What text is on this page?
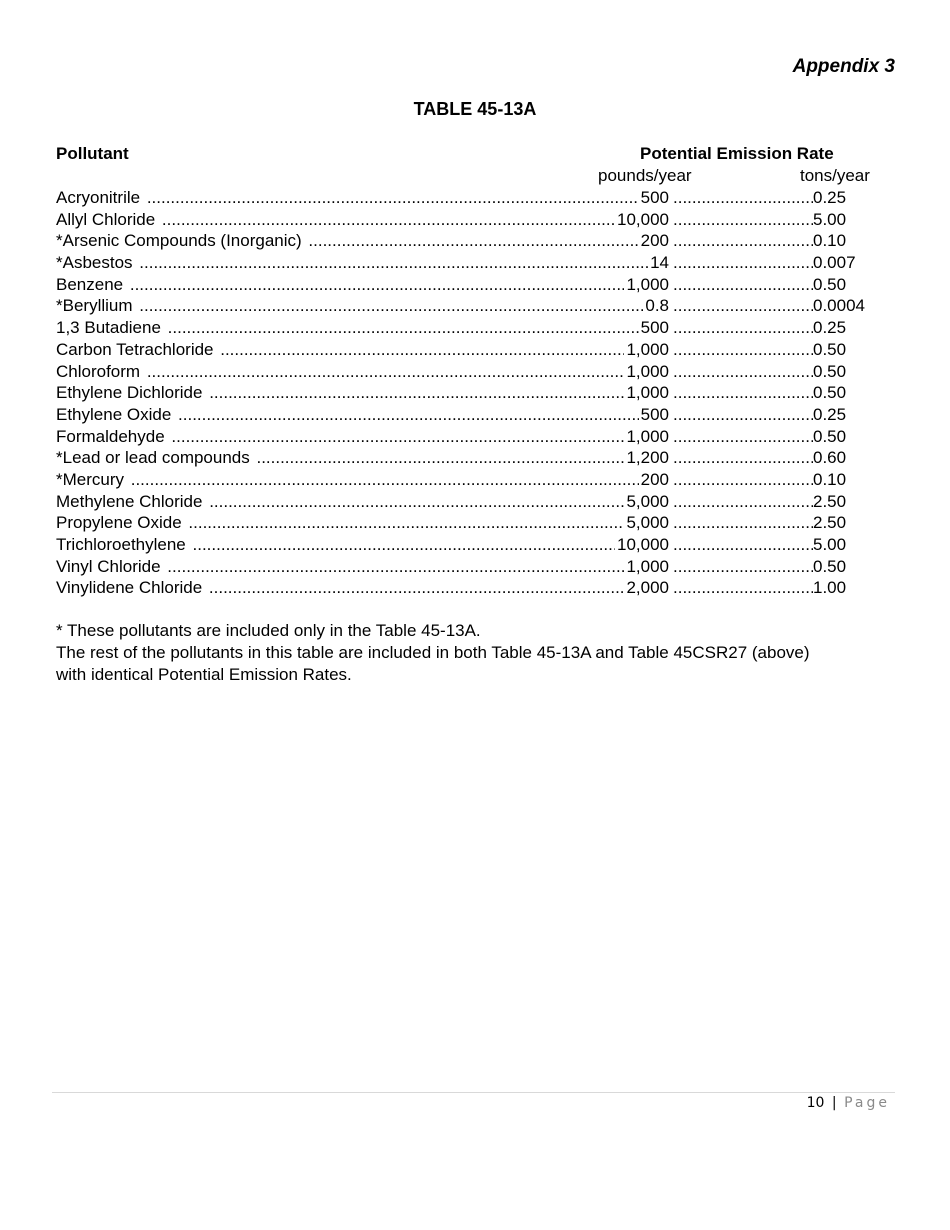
Appendix 3
TABLE 45-13A
Pollutant	Potential Emission Rate
pounds/year	tons/year
Acryonitrile .....	500 .....	0.25
Allyl Chloride .....	10,000 .....	5.00
*Arsenic Compounds (Inorganic) .....	200 .....	0.10
*Asbestos .....	14 .....	0.007
Benzene .....	1,000 .....	0.50
*Beryllium .....	0.8 .....	0.0004
1,3 Butadiene .....	500 .....	0.25
Carbon Tetrachloride .....	1,000 .....	0.50
Chloroform .....	1,000 .....	0.50
Ethylene Dichloride .....	1,000 .....	0.50
Ethylene Oxide .....	500 .....	0.25
Formaldehyde .....	1,000 .....	0.50
*Lead or lead compounds .....	1,200 .....	0.60
*Mercury .....	200 .....	0.10
Methylene Chloride .....	5,000 .....	2.50
Propylene Oxide .....	5,000 .....	2.50
Trichloroethylene .....	10,000 .....	5.00
Vinyl Chloride .....	1,000 .....	0.50
Vinylidene Chloride .....	2,000 .....	1.00
* These pollutants are included only in the Table 45-13A.
The rest of the pollutants in this table are included in both Table 45-13A and Table 45CSR27 (above) with identical Potential Emission Rates.
10 | Page
